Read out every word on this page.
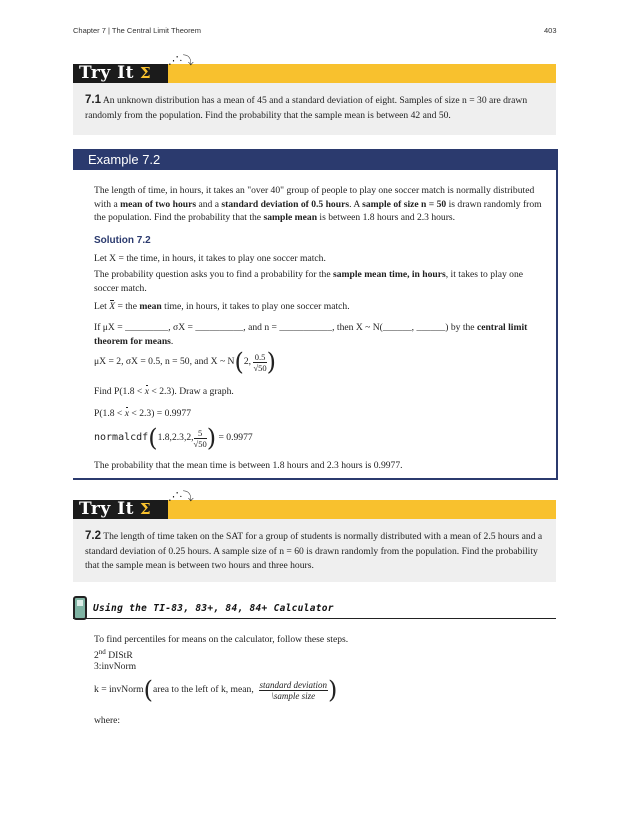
Chapter 7 | The Central Limit Theorem	403
Try It Σ
⋰·⤵
7.1 An unknown distribution has a mean of 45 and a standard deviation of eight. Samples of size n = 30 are drawn randomly from the population. Find the probability that the sample mean is between 42 and 50.
Example 7.2
The length of time, in hours, it takes an "over 40" group of people to play one soccer match is normally distributed with a mean of two hours and a standard deviation of 0.5 hours. A sample of size n = 50 is drawn randomly from the population. Find the probability that the sample mean is between 1.8 hours and 2.3 hours.
Solution 7.2
Let X = the time, in hours, it takes to play one soccer match.
The probability question asks you to find a probability for the sample mean time, in hours, it takes to play one soccer match.
Let X = the mean time, in hours, it takes to play one soccer match.
If μX = _________, σX = __________, and n = ___________, then X ~ N(______, ______) by the central limit theorem for means.
μX = 2, σX = 0.5, n = 50, and X ~ N(2, $\frac{0.5}{√50}$ )
Find P(1.8 < x < 2.3). Draw a graph.
P(1.8 < x < 2.3) = 0.9977
normalcdf(1.8,2.3,2, $\frac{5}{√50}$ ) = 0.9977
The probability that the mean time is between 1.8 hours and 2.3 hours is 0.9977.
Try It Σ
⋰·⤵
7.2 The length of time taken on the SAT for a group of students is normally distributed with a mean of 2.5 hours and a standard deviation of 0.25 hours. A sample size of n = 60 is drawn randomly from the population. Find the probability that the sample mean is between two hours and three hours.
Using the TI-83, 83+, 84, 84+ Calculator
To find percentiles for means on the calculator, follow these steps.
2nd DIStR
3:invNorm
k = invNorm(area to the left of k, mean, $\frac{\text{standard deviation}}{\text{\textbackslash{}sample size}}$ )
where:
